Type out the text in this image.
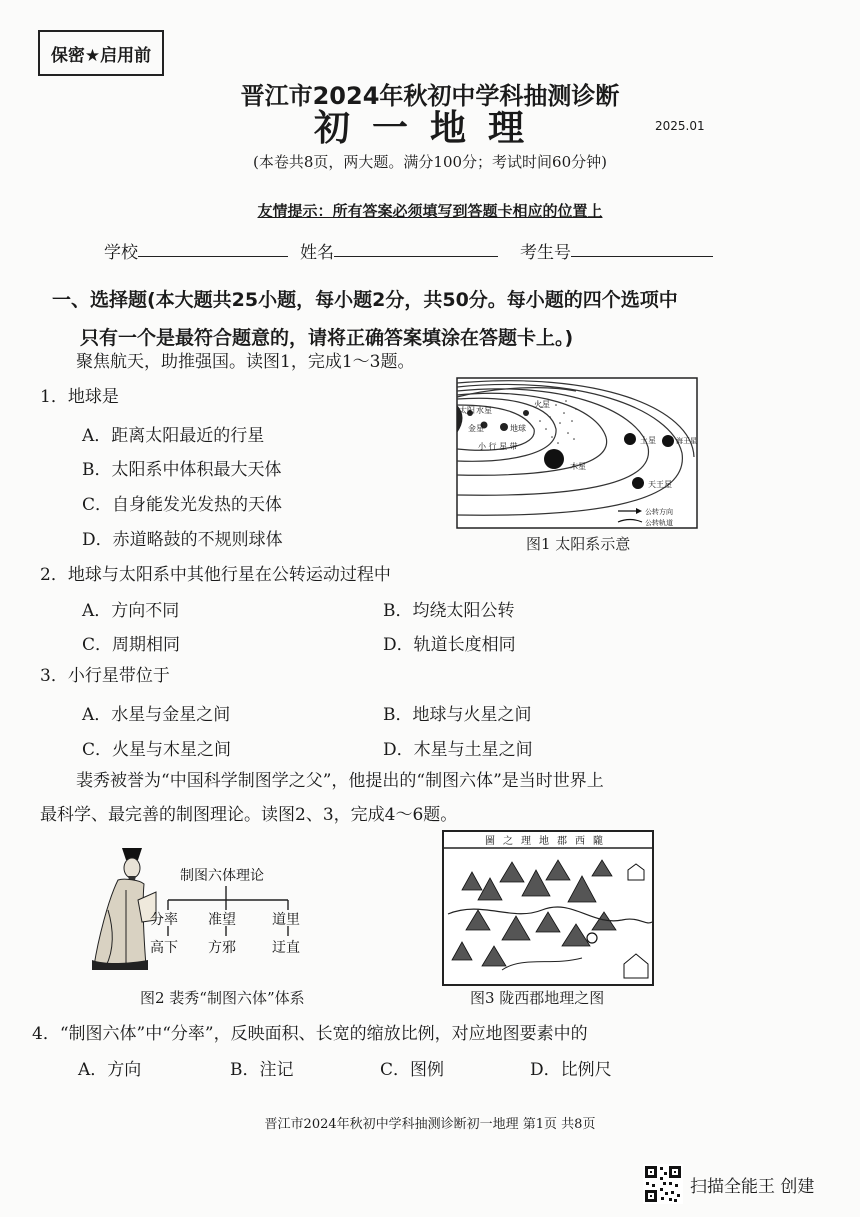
保密★启用前
晋江市2024年秋初中学科抽测诊断
初一地理	2025.01
(本卷共8页，两大题。满分100分；考试时间60分钟)
友情提示：所有答案必须填写到答题卡相应的位置上
学校	姓名	考生号
一、选择题(本大题共25小题，每小题2分，共50分。每小题的四个选项中
只有一个是最符合题意的，请将正确答案填涂在答题卡上。)
聚焦航天，助推强国。读图1，完成1～3题。
1．地球是
A．距离太阳最近的行星
B．太阳系中体积最大天体
C．自身能发光发热的天体
D．赤道略鼓的不规则球体
太阳 水星
金星	地球
火星
小 行 星 带
木星
土星
天王星
海王星
公转方向
公转轨道
图1 太阳系示意
2．地球与太阳系中其他行星在公转运动过程中
A．方向不同	B．均绕太阳公转
C．周期相同	D．轨道长度相同
3．小行星带位于
A．水星与金星之间	B．地球与火星之间
C．火星与木星之间	D．木星与土星之间
裴秀被誉为“中国科学制图学之父”，他提出的“制图六体”是当时世界上
最科学、最完善的制图理论。读图2、3，完成4～6题。
制图六体理论
分率 准望	道里
高下 方邪	迂直
图2 裴秀“制图六体”体系
圖之理地郡西隴
图3 陇西郡地理之图
4．“制图六体”中“分率”，反映面积、长宽的缩放比例，对应地图要素中的
A．方向	B．注记	C．图例	D．比例尺
晋江市2024年秋初中学科抽测诊断初一地理 第1页 共8页
扫描全能王 创建
